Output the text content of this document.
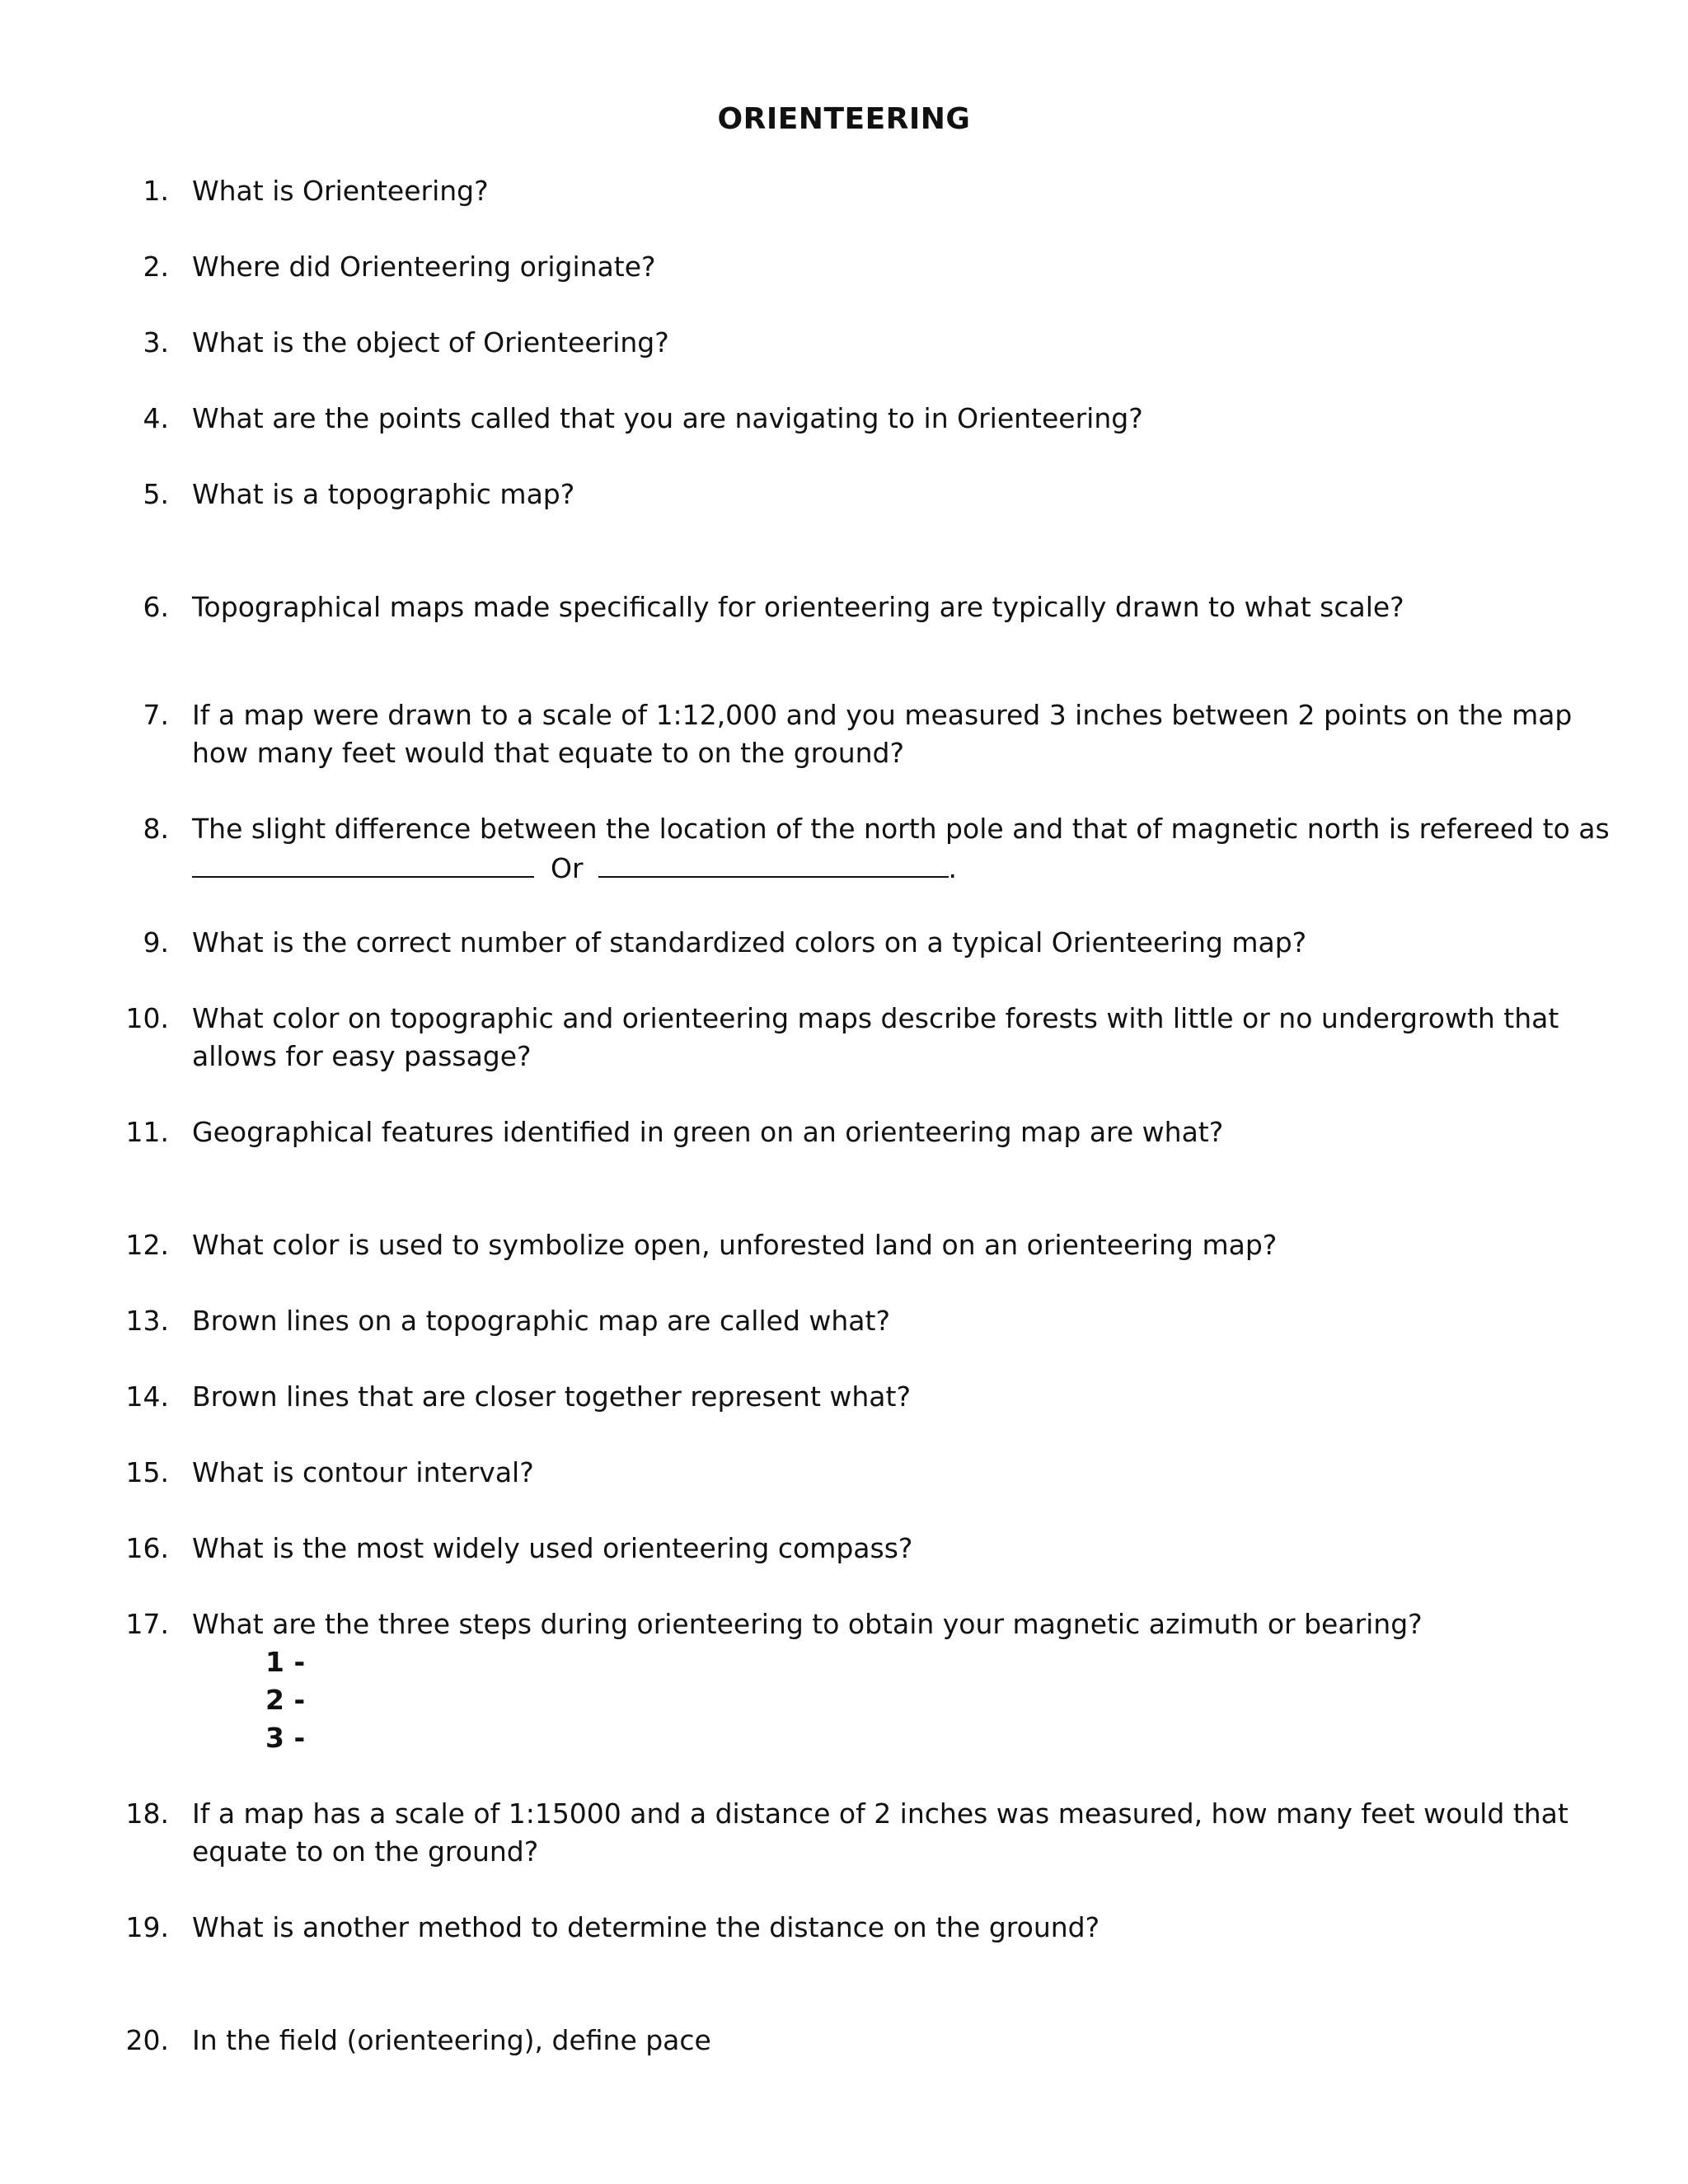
ORIENTEERING
1. What is Orienteering?
2. Where did Orienteering originate?
3. What is the object of Orienteering?
4. What are the points called that you are navigating to in Orienteering?
5. What is a topographic map?
6. Topographical maps made specifically for orienteering are typically drawn to what scale?
7. If a map were drawn to a scale of 1:12,000 and you measured 3 inches between 2 points on the map how many feet would that equate to on the ground?
8. The slight difference between the location of the north pole and that of magnetic north is refereed to as
Or	.
9. What is the correct number of standardized colors on a typical Orienteering map?
10. What color on topographic and orienteering maps describe forests with little or no undergrowth that allows for easy passage?
11. Geographical features identified in green on an orienteering map are what?
12. What color is used to symbolize open, unforested land on an orienteering map?
13. Brown lines on a topographic map are called what?
14. Brown lines that are closer together represent what?
15. What is contour interval?
16. What is the most widely used orienteering compass?
17. What are the three steps during orienteering to obtain your magnetic azimuth or bearing?
1 -
2 -
3 -
18. If a map has a scale of 1:15000 and a distance of 2 inches was measured, how many feet would that equate to on the ground?
19. What is another method to determine the distance on the ground?
20. In the field (orienteering), define pace
